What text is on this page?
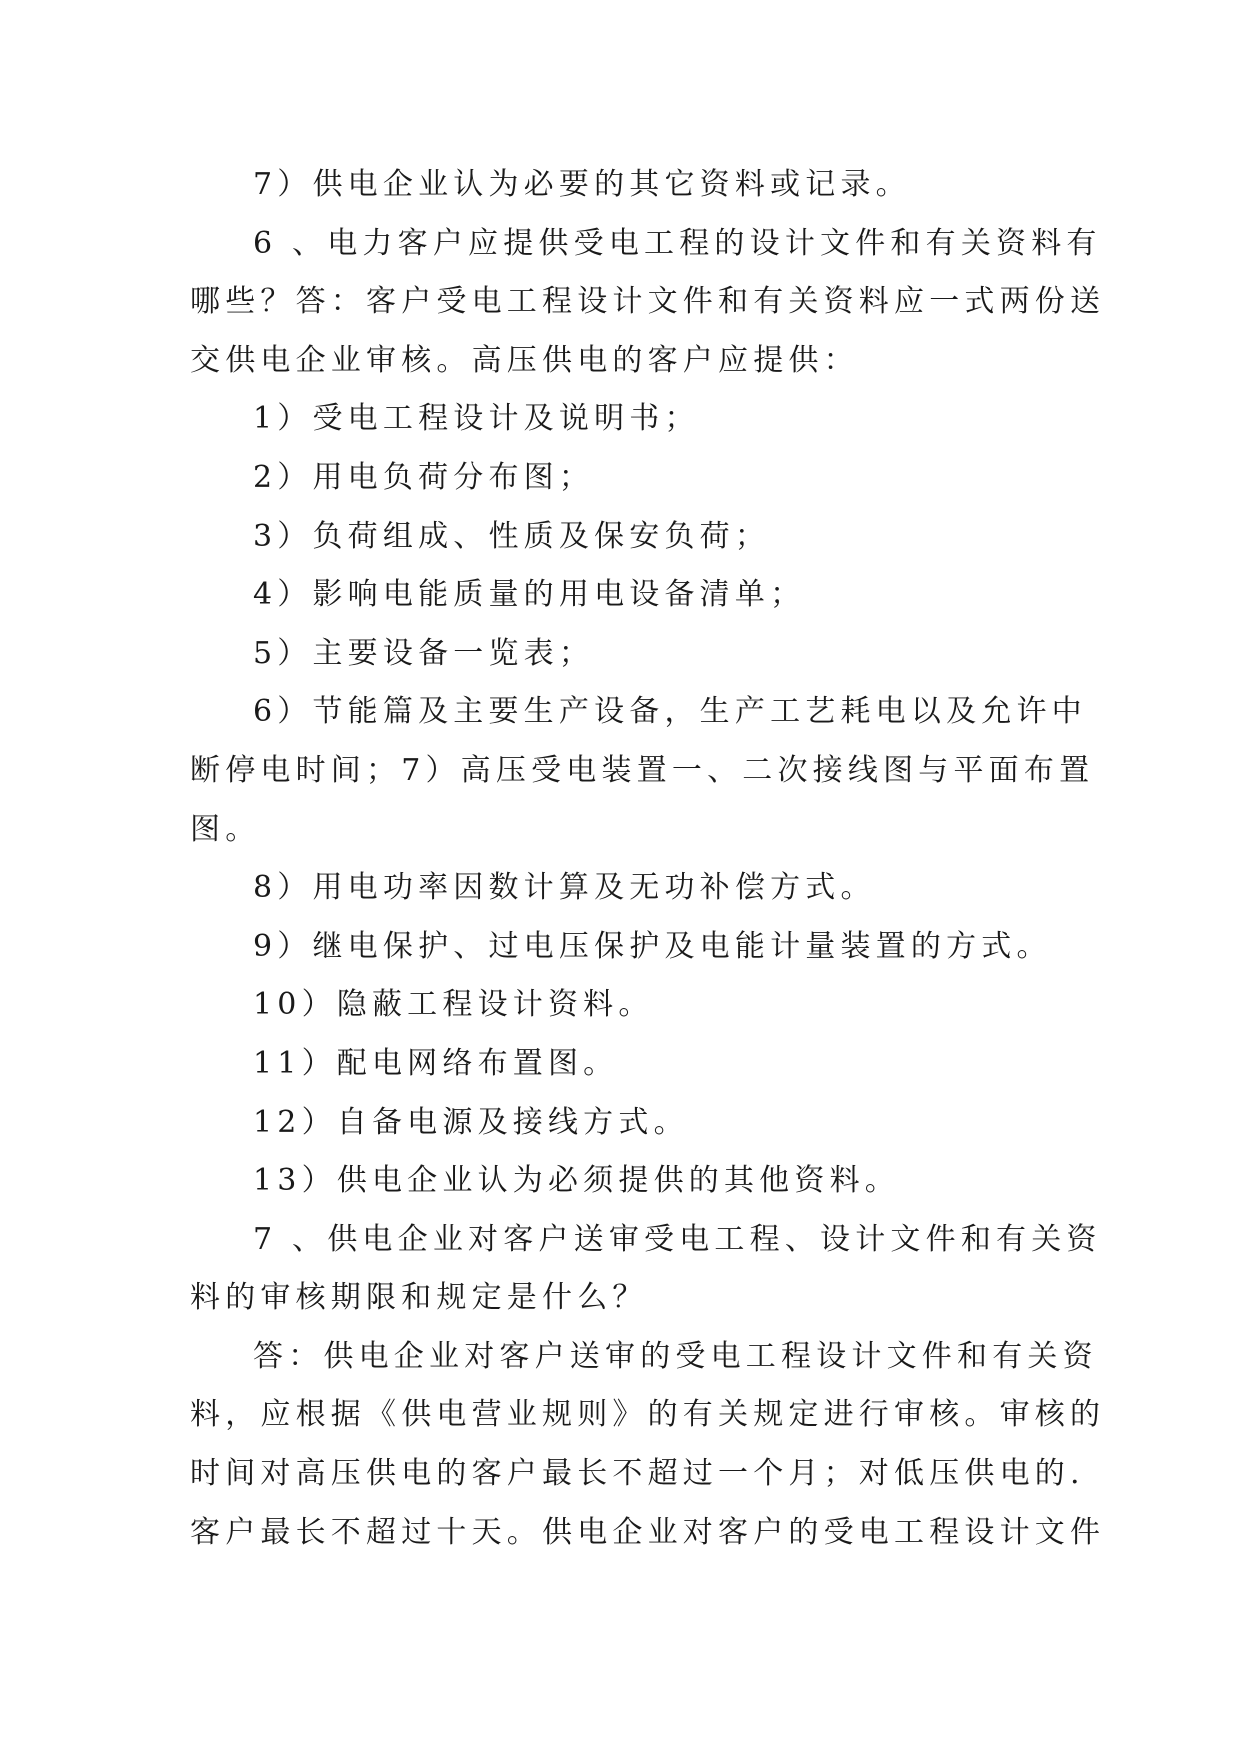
7）供电企业认为必要的其它资料或记录。
6 、电力客户应提供受电工程的设计文件和有关资料有
哪些？答：客户受电工程设计文件和有关资料应一式两份送
交供电企业审核。高压供电的客户应提供：
1）受电工程设计及说明书；
2）用电负荷分布图；
3）负荷组成、性质及保安负荷；
4）影响电能质量的用电设备清单；
5）主要设备一览表；
6）节能篇及主要生产设备，生产工艺耗电以及允许中
断停电时间；7）高压受电装置一、二次接线图与平面布置
图。
8）用电功率因数计算及无功补偿方式。
9）继电保护、过电压保护及电能计量装置的方式。
10）隐蔽工程设计资料。
11）配电网络布置图。
12）自备电源及接线方式。
13）供电企业认为必须提供的其他资料。
7 、供电企业对客户送审受电工程、设计文件和有关资
料的审核期限和规定是什么？
答：供电企业对客户送审的受电工程设计文件和有关资
料，应根据《供电营业规则》的有关规定进行审核。审核的
时间对高压供电的客户最长不超过一个月；对低压供电的.
客户最长不超过十天。供电企业对客户的受电工程设计文件
